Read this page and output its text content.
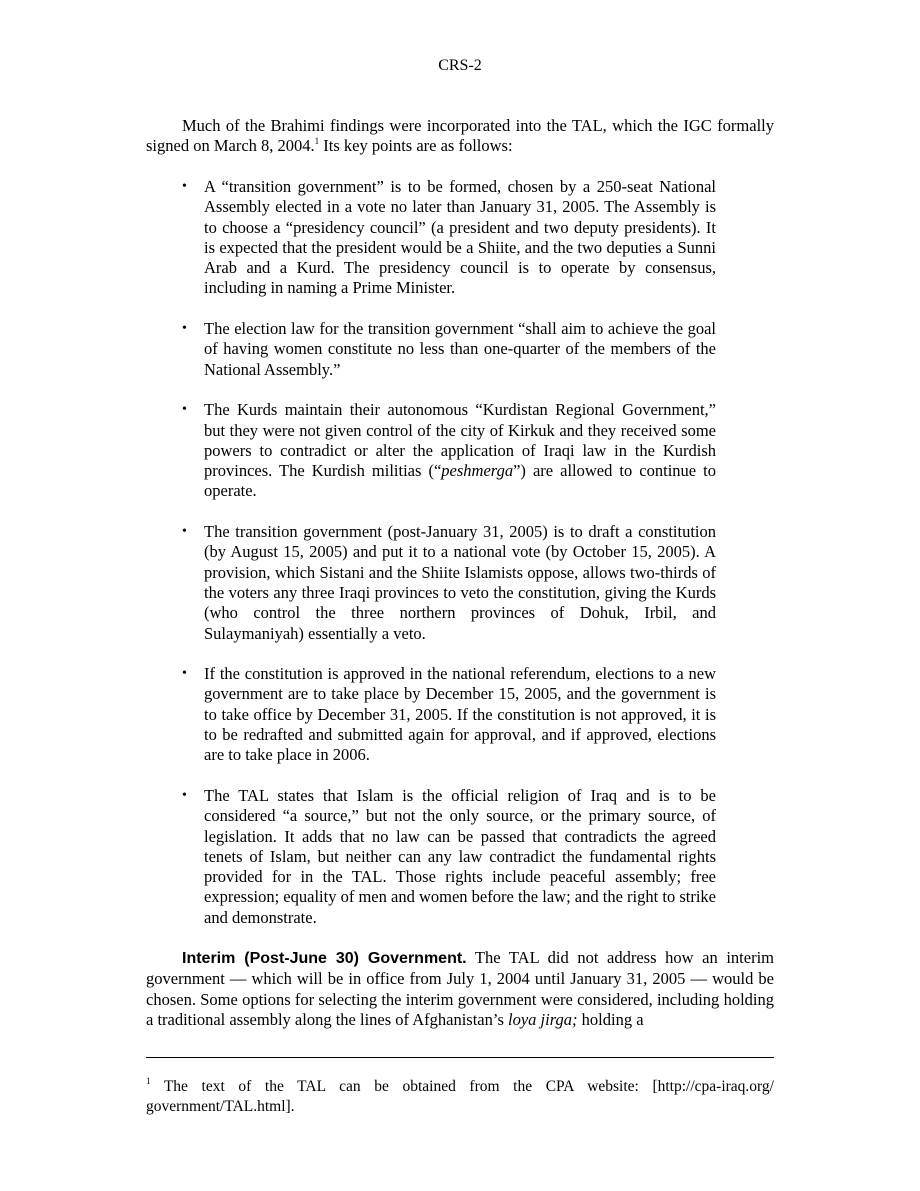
CRS-2

Much of the Brahimi findings were incorporated into the TAL, which the IGC formally signed on March 8, 2004.$^1$ Its key points are as follows:

• A “transition government” is to be formed, chosen by a 250-seat National Assembly elected in a vote no later than January 31, 2005. The Assembly is to choose a “presidency council” (a president and two deputy presidents). It is expected that the president would be a Shiite, and the two deputies a Sunni Arab and a Kurd. The presidency council is to operate by consensus, including in naming a Prime Minister.
• The election law for the transition government “shall aim to achieve the goal of having women constitute no less than one-quarter of the members of the National Assembly.”
• The Kurds maintain their autonomous “Kurdistan Regional Government,” but they were not given control of the city of Kirkuk and they received some powers to contradict or alter the application of Iraqi law in the Kurdish provinces. The Kurdish militias (“peshmerga”) are allowed to continue to operate.
• The transition government (post-January 31, 2005) is to draft a constitution (by August 15, 2005) and put it to a national vote (by October 15, 2005). A provision, which Sistani and the Shiite Islamists oppose, allows two-thirds of the voters any three Iraqi provinces to veto the constitution, giving the Kurds (who control the three northern provinces of Dohuk, Irbil, and Sulaymaniyah) essentially a veto.
• If the constitution is approved in the national referendum, elections to a new government are to take place by December 15, 2005, and the government is to take office by December 31, 2005. If the constitution is not approved, it is to be redrafted and submitted again for approval, and if approved, elections are to take place in 2006.
• The TAL states that Islam is the official religion of Iraq and is to be considered “a source,” but not the only source, or the primary source, of legislation. It adds that no law can be passed that contradicts the agreed tenets of Islam, but neither can any law contradict the fundamental rights provided for in the TAL. Those rights include peaceful assembly; free expression; equality of men and women before the law; and the right to strike and demonstrate.

Interim (Post-June 30) Government. The TAL did not address how an interim government — which will be in office from July 1, 2004 until January 31, 2005 — would be chosen. Some options for selecting the interim government were considered, including holding a traditional assembly along the lines of Afghanistan’s loya jirga; holding a

$^1$ The text of the TAL can be obtained from the CPA website: [http://cpa-iraq.org/ government/TAL.html].
